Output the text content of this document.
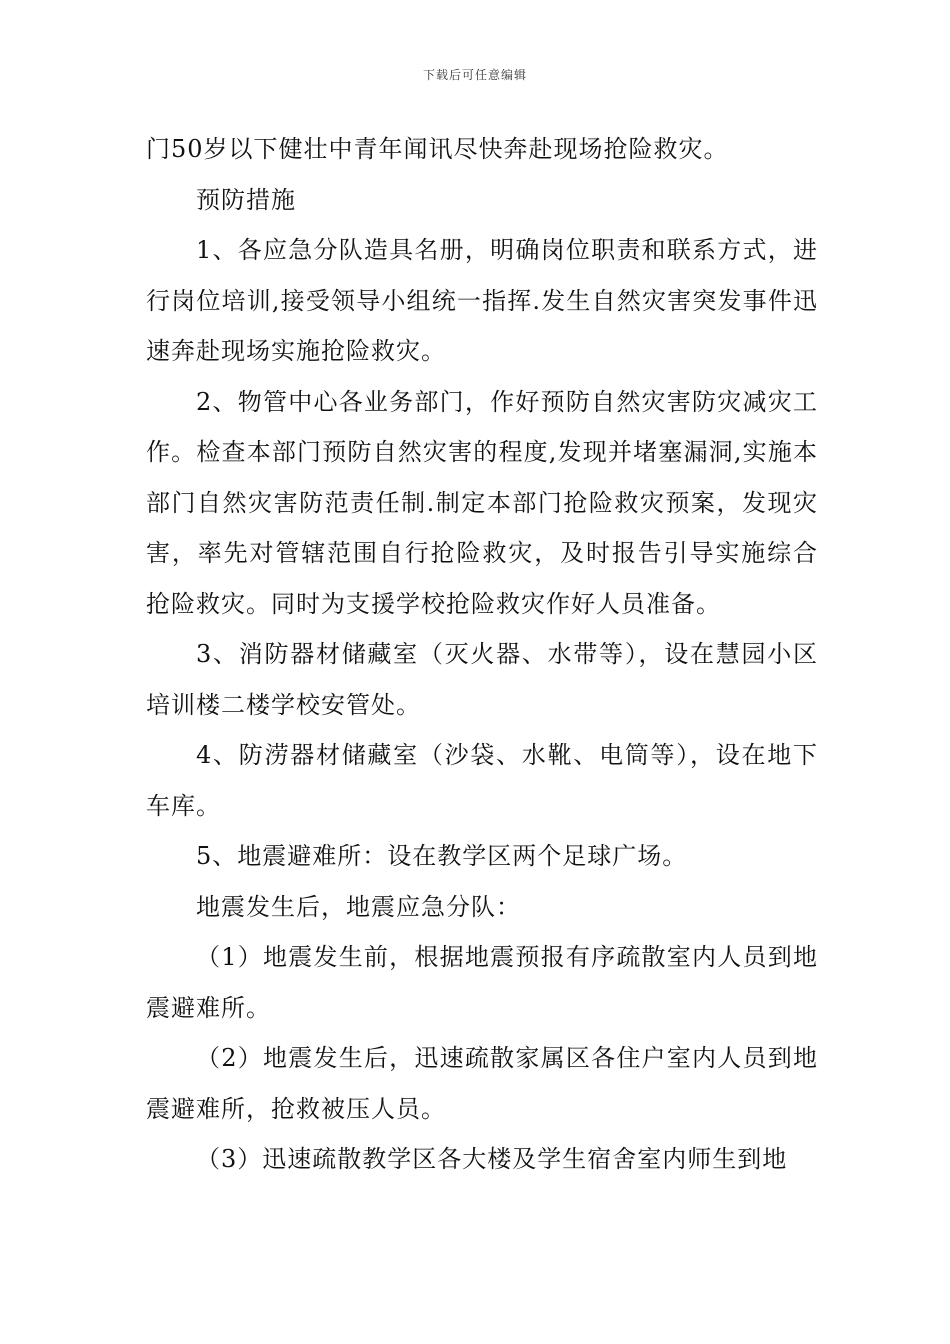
下载后可任意编辑

门50岁以下健壮中青年闻讯尽快奔赴现场抢险救灾。

预防措施

1、各应急分队造具名册，明确岗位职责和联系方式，进行岗位培训,接受领导小组统一指挥.发生自然灾害突发事件迅速奔赴现场实施抢险救灾。

2、物管中心各业务部门，作好预防自然灾害防灾减灾工作。检查本部门预防自然灾害的程度,发现并堵塞漏洞,实施本部门自然灾害防范责任制.制定本部门抢险救灾预案，发现灾害，率先对管辖范围自行抢险救灾，及时报告引导实施综合抢险救灾。同时为支援学校抢险救灾作好人员准备。

3、消防器材储藏室（灭火器、水带等），设在慧园小区培训楼二楼学校安管处。

4、防涝器材储藏室（沙袋、水靴、电筒等），设在地下车库。

5、地震避难所：设在教学区两个足球广场。

地震发生后，地震应急分队：

（1）地震发生前，根据地震预报有序疏散室内人员到地震避难所。

（2）地震发生后，迅速疏散家属区各住户室内人员到地震避难所，抢救被压人员。

（3）迅速疏散教学区各大楼及学生宿舍室内师生到地
